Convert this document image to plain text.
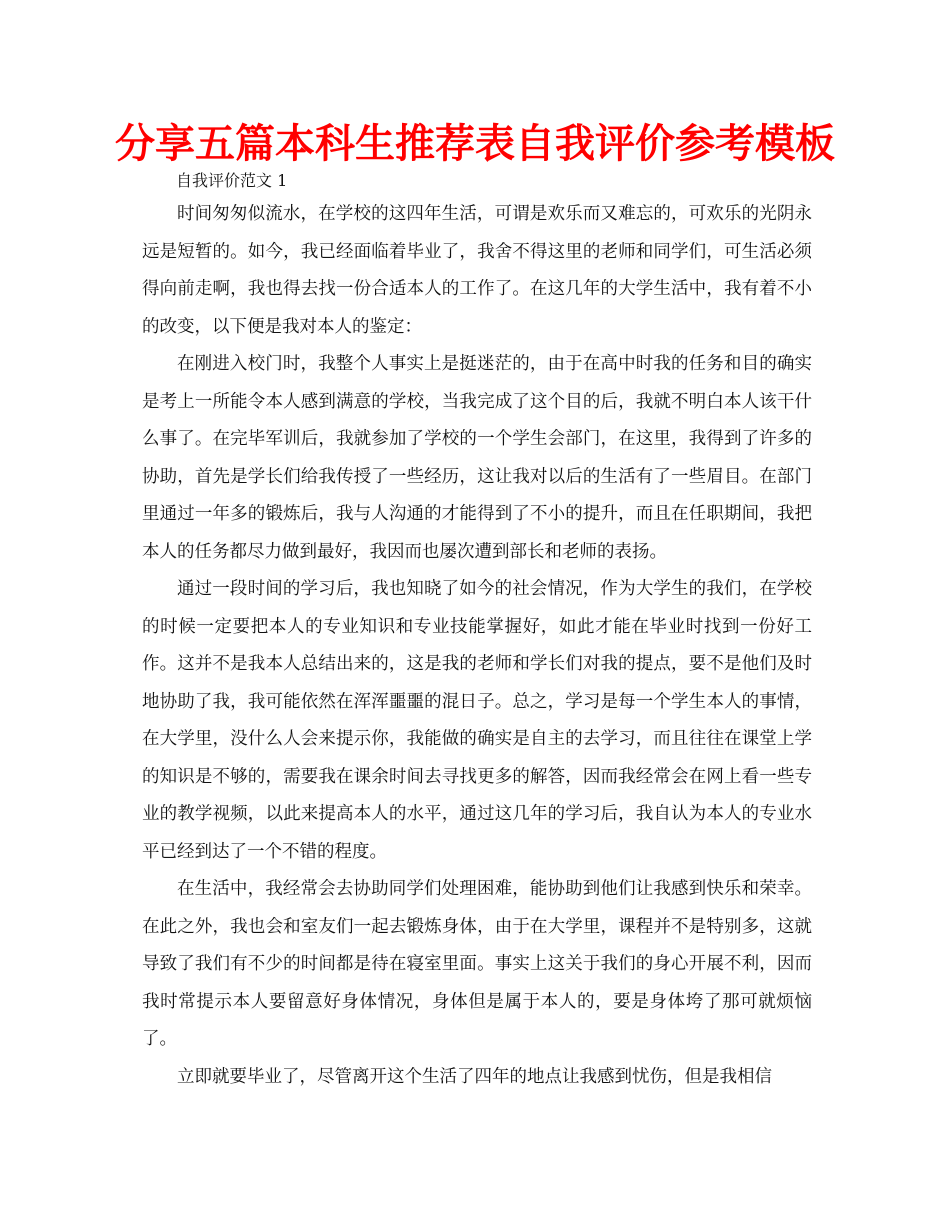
分享五篇本科生推荐表自我评价参考模板

自我评价范文 1

时间匆匆似流水，在学校的这四年生活，可谓是欢乐而又难忘的，可欢乐的光阴永远是短暂的。如今，我已经面临着毕业了，我舍不得这里的老师和同学们，可生活必须得向前走啊，我也得去找一份合适本人的工作了。在这几年的大学生活中，我有着不小的改变，以下便是我对本人的鉴定：

在刚进入校门时，我整个人事实上是挺迷茫的，由于在高中时我的任务和目的确实是考上一所能令本人感到满意的学校，当我完成了这个目的后，我就不明白本人该干什么事了。在完毕军训后，我就参加了学校的一个学生会部门，在这里，我得到了许多的协助，首先是学长们给我传授了一些经历，这让我对以后的生活有了一些眉目。在部门里通过一年多的锻炼后，我与人沟通的才能得到了不小的提升，而且在任职期间，我把本人的任务都尽力做到最好，我因而也屡次遭到部长和老师的表扬。

通过一段时间的学习后，我也知晓了如今的社会情况，作为大学生的我们，在学校的时候一定要把本人的专业知识和专业技能掌握好，如此才能在毕业时找到一份好工作。这并不是我本人总结出来的，这是我的老师和学长们对我的提点，要不是他们及时地协助了我，我可能依然在浑浑噩噩的混日子。总之，学习是每一个学生本人的事情，在大学里，没什么人会来提示你，我能做的确实是自主的去学习，而且往往在课堂上学的知识是不够的，需要我在课余时间去寻找更多的解答，因而我经常会在网上看一些专业的教学视频，以此来提高本人的水平，通过这几年的学习后，我自认为本人的专业水平已经到达了一个不错的程度。

在生活中，我经常会去协助同学们处理困难，能协助到他们让我感到快乐和荣幸。在此之外，我也会和室友们一起去锻炼身体，由于在大学里，课程并不是特别多，这就导致了我们有不少的时间都是待在寝室里面。事实上这关于我们的身心开展不利，因而我时常提示本人要留意好身体情况，身体但是属于本人的，要是身体垮了那可就烦恼了。

立即就要毕业了，尽管离开这个生活了四年的地点让我感到忧伤，但是我相信
